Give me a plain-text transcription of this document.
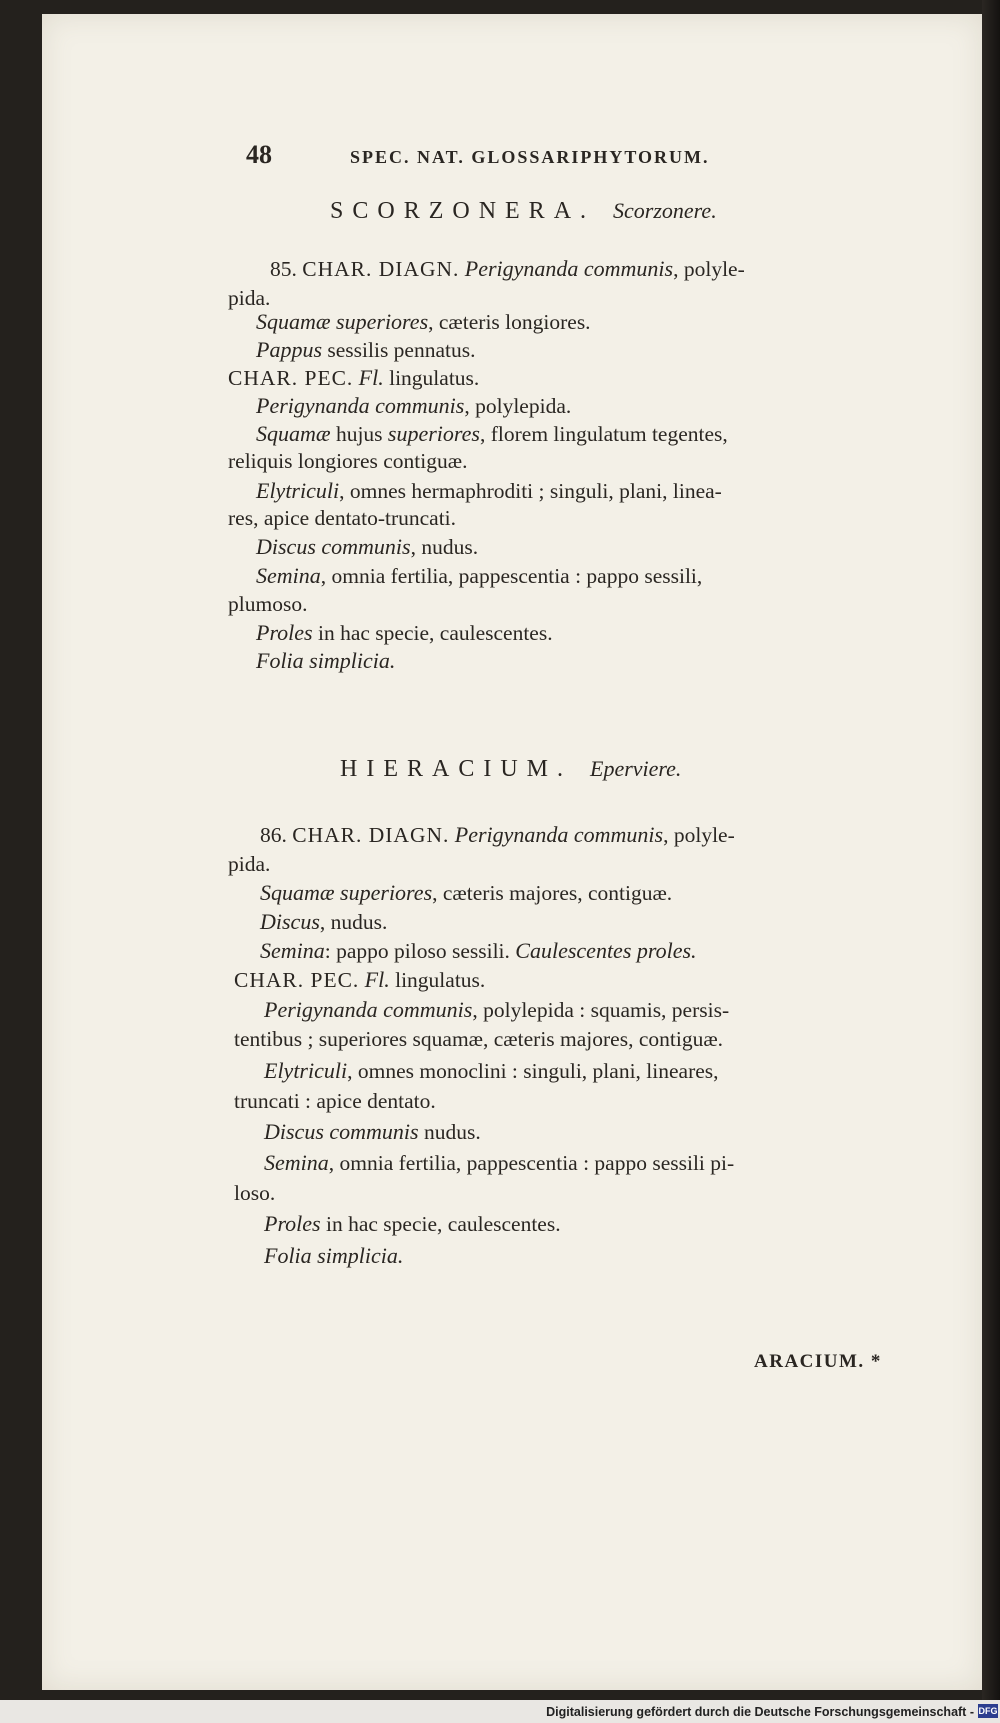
48	SPEC. NAT. GLOSSARIPHYTORUM.
SCORZONERA. Scorzonere.
85. CHAR. DIAGN. Perigynanda communis, polyle-
pida.
Squamæ superiores, cæteris longiores.
Pappus sessilis pennatus.
CHAR. PEC. Fl. lingulatus.
Perigynanda communis, polylepida.
Squamæ hujus superiores, florem lingulatum tegentes,
reliquis longiores contiguæ.
Elytriculi, omnes hermaphroditi ; singuli, plani, linea-
res, apice dentato-truncati.
Discus communis, nudus.
Semina, omnia fertilia, pappescentia : pappo sessili,
plumoso.
Proles in hac specie, caulescentes.
Folia simplicia.
HIERACIUM. Eperviere.
86. CHAR. DIAGN. Perigynanda communis, polyle-
pida.
Squamæ superiores, cæteris majores, contiguæ.
Discus, nudus.
Semina: pappo piloso sessili. Caulescentes proles.
CHAR. PEC. Fl. lingulatus.
Perigynanda communis, polylepida : squamis, persis-
tentibus ; superiores squamæ, cæteris majores, contiguæ.
Elytriculi, omnes monoclini : singuli, plani, lineares,
truncati : apice dentato.
Discus communis nudus.
Semina, omnia fertilia, pappescentia : pappo sessili pi-
loso.
Proles in hac specie, caulescentes.
Folia simplicia.
ARACIUM. *
Digitalisierung gefördert durch die Deutsche Forschungsgemeinschaft - DFG
